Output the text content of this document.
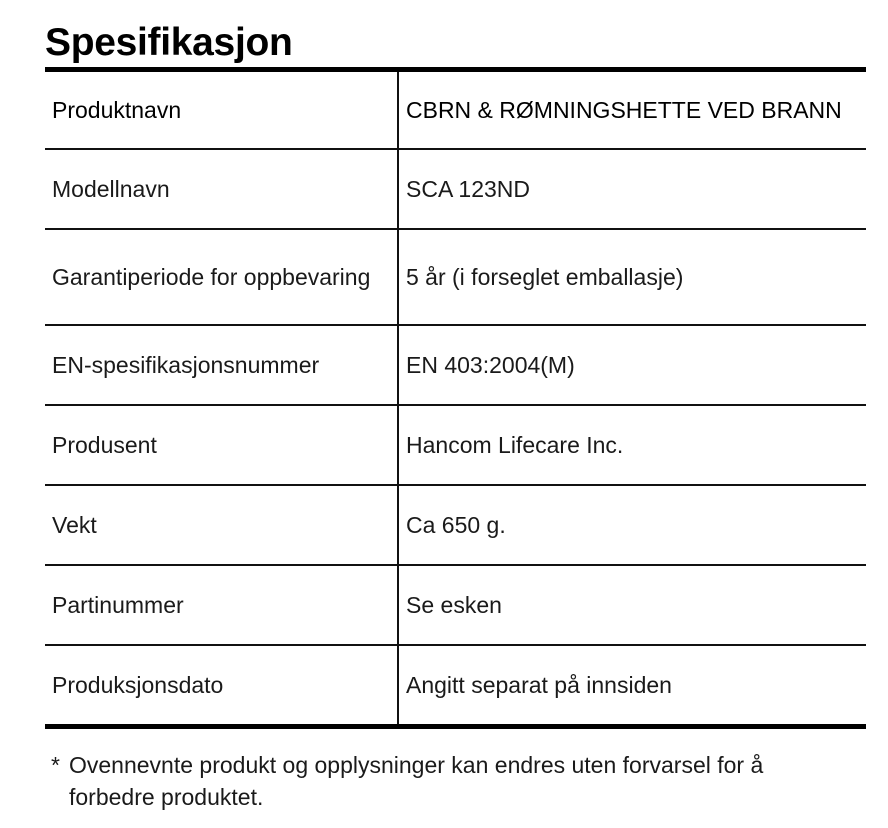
Spesifikasjon
Produktnavn	CBRN & RØMNINGSHETTE VED BRANN
Modellnavn	SCA 123ND
Garantiperiode for oppbevaring	5 år (i forseglet emballasje)
EN-spesifikasjonsnummer	EN 403:2004(M)
Produsent	Hancom Lifecare Inc.
Vekt	Ca 650 g.
Partinummer	Se esken
Produksjonsdato	Angitt separat på innsiden
* Ovennevnte produkt og opplysninger kan endres uten forvarsel for å forbedre produktet.
